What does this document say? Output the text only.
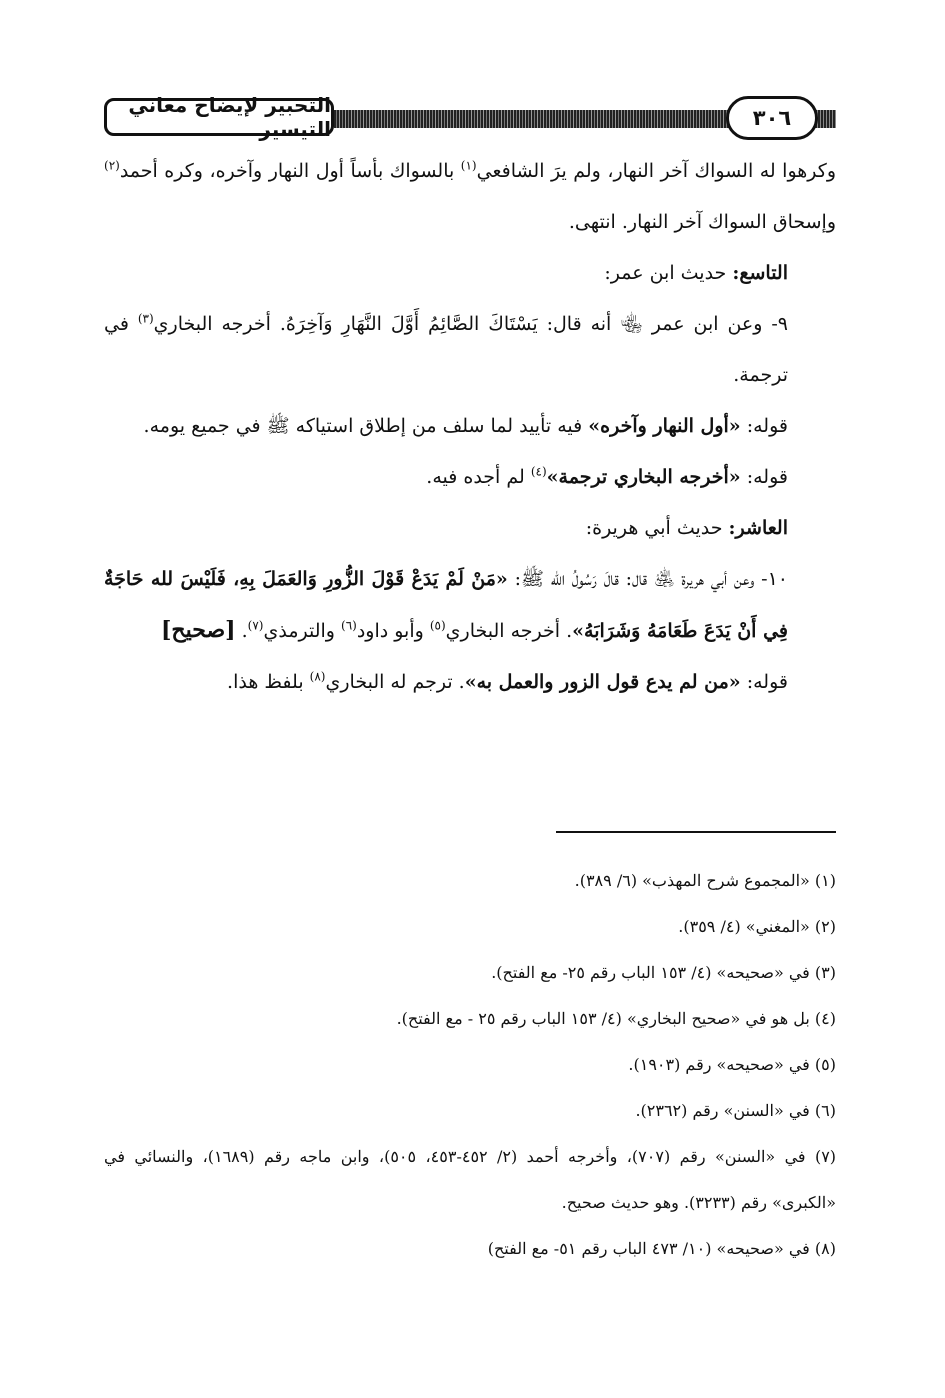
التحبير لإيضاح معاني التيسير	٣٠٦

وكرهوا له السواك آخر النهار، ولم يرَ الشافعي$^{(١)}$ بالسواك بأساً أول النهار وآخره، وكره أحمد$^{(٢)}$ وإسحاق السواك آخر النهار. انتهى.

التاسع: حديث ابن عمر:

٩- وعن ابن عمر ﵄ أنه قال: يَسْتَاكَ الصَّائِمُ أَوَّلَ النَّهَارِ وَآخِرَهُ. أخرجه البخاري$^{(٣)}$ في ترجمة.

قوله: «أول النهار وآخره» فيه تأييد لما سلف من إطلاق استياكه ﷺ في جميع يومه.

قوله: «أخرجه البخاري ترجمة»$^{(٤)}$ لم أجده فيه.

العاشر: حديث أبي هريرة:

١٠- وعن أبي هريرة ﵁ قال: قالَ رَسُولُ الله ﷺ: «مَنْ لَمْ يَدَعْ قَوْلَ الزُّورِ وَالعَمَلَ بِهِ، فَلَيْسَ لله حَاجَةٌ فِي أَنْ يَدَعَ طَعَامَهُ وَشَرَابَهُ». أخرجه البخاري$^{(٥)}$ وأبو داود$^{(٦)}$ والترمذي$^{(٧)}$. [صحيح]

قوله: «من لم يدع قول الزور والعمل به». ترجم له البخاري$^{(٨)}$ بلفظ هذا.

(١) «المجموع شرح المهذب» (٦/ ٣٨٩).

(٢) «المغني» (٤/ ٣٥٩).

(٣) في «صحيحه» (٤/ ١٥٣ الباب رقم ٢٥- مع الفتح).

(٤) بل هو في «صحيح البخاري» (٤/ ١٥٣ الباب رقم ٢٥ - مع الفتح).

(٥) في «صحيحه» رقم (١٩٠٣).

(٦) في «السنن» رقم (٢٣٦٢).

(٧) في «السنن» رقم (٧٠٧)، وأخرجه أحمد (٢/ ٤٥٢-٤٥٣، ٥٠٥)، وابن ماجه رقم (١٦٨٩)، والنسائي في «الكبرى» رقم (٣٢٣٣). وهو حديث صحيح.

(٨) في «صحيحه» (١٠/ ٤٧٣ الباب رقم ٥١- مع الفتح)
